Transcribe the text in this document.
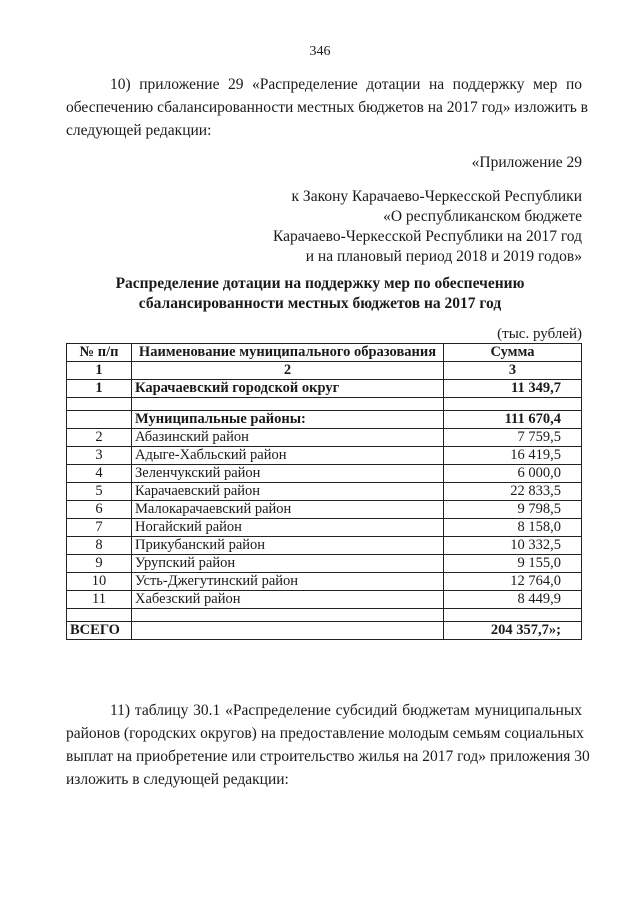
346
10) приложение 29 «Распределение дотации на поддержку мер по
обеспечению сбалансированности местных бюджетов на 2017 год» изложить в
следующей редакции:
«Приложение 29
к Закону Карачаево-Черкесской Республики
«О республиканском бюджете
Карачаево-Черкесской Республики на 2017 год
и на плановый период 2018 и 2019 годов»
Распределение дотации на поддержку мер по обеспечению
сбалансированности местных бюджетов на 2017 год
(тыс. рублей)
№ п/п	Наименование муниципального образования	Сумма
1	2	3
1	Карачаевский городской округ	11 349,7

	Муниципальные районы:	111 670,4
2	Абазинский район	7 759,5
3	Адыге-Хабльский район	16 419,5
4	Зеленчукский район	6 000,0
5	Карачаевский район	22 833,5
6	Малокарачаевский район	9 798,5
7	Ногайский район	8 158,0
8	Прикубанский район	10 332,5
9	Урупский район	9 155,0
10	Усть-Джегутинский район	12 764,0
11	Хабезский район	8 449,9

ВСЕГО		204 357,7»;
11) таблицу 30.1 «Распределение субсидий бюджетам муниципальных
районов (городских округов) на предоставление молодым семьям социальных
выплат на приобретение или строительство жилья на 2017 год» приложения 30
изложить в следующей редакции:
